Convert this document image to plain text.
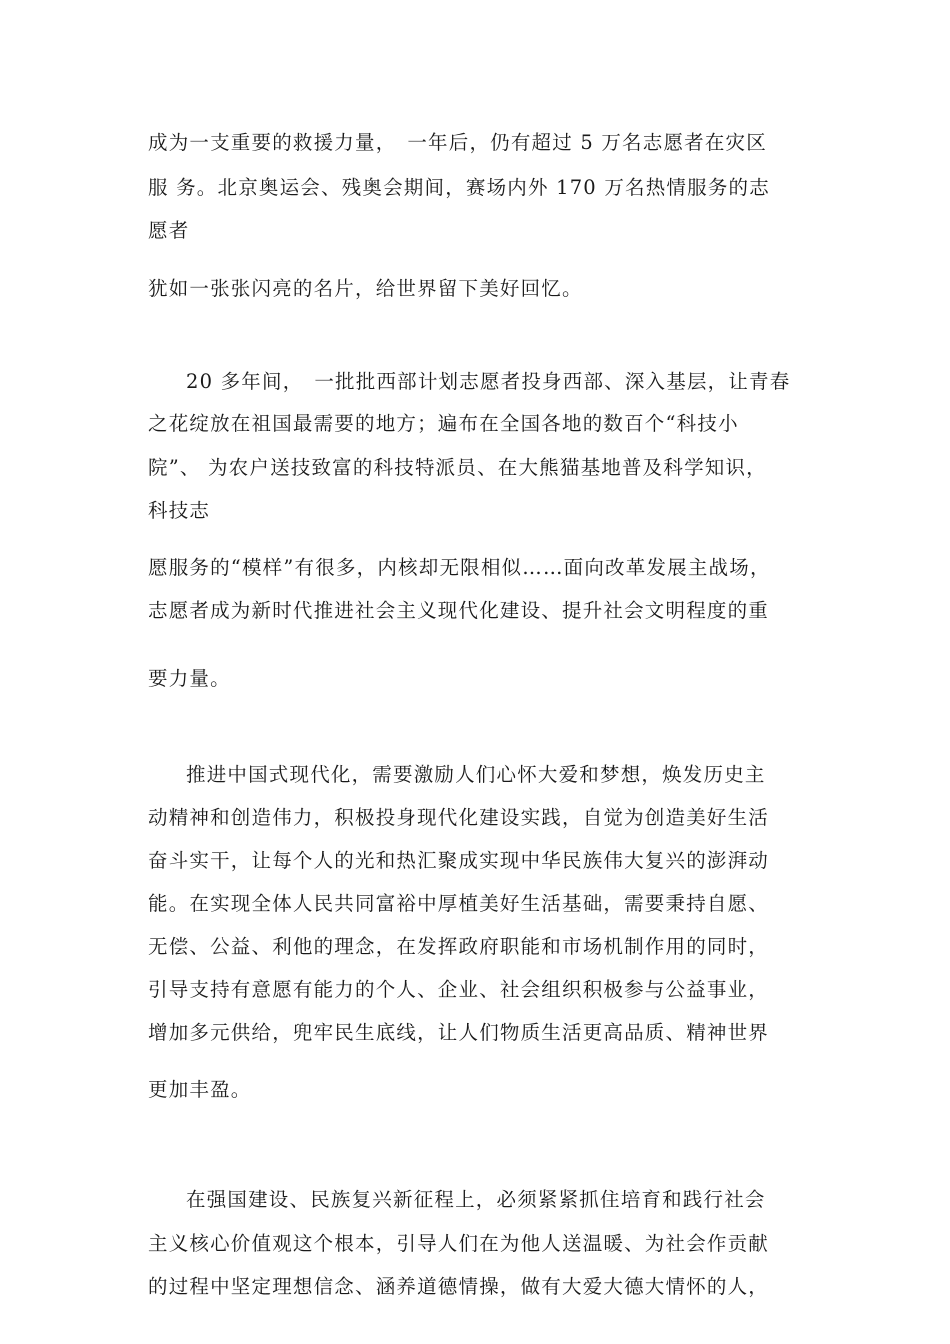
成为一支重要的救援力量，　一年后，仍有超过 5 万名志愿者在灾区
服 务。北京奥运会、残奥会期间，赛场内外 170 万名热情服务的志
愿者
犹如一张张闪亮的名片，给世界留下美好回忆。
20 多年间，　一批批西部计划志愿者投身西部、深入基层，让青春
之花绽放在祖国最需要的地方；遍布在全国各地的数百个“科技小
院”、 为农户送技致富的科技特派员、在大熊猫基地普及科学知识，
科技志
愿服务的“模样”有很多，内核却无限相似……面向改革发展主战场，
志愿者成为新时代推进社会主义现代化建设、提升社会文明程度的重
要力量。
推进中国式现代化，需要激励人们心怀大爱和梦想，焕发历史主
动精神和创造伟力，积极投身现代化建设实践，自觉为创造美好生活
奋斗实干，让每个人的光和热汇聚成实现中华民族伟大复兴的澎湃动
能。在实现全体人民共同富裕中厚植美好生活基础，需要秉持自愿、
无偿、公益、利他的理念，在发挥政府职能和市场机制作用的同时，
引导支持有意愿有能力的个人、企业、社会组织积极参与公益事业，
增加多元供给，兜牢民生底线，让人们物质生活更高品质、精神世界
更加丰盈。
在强国建设、民族复兴新征程上，必须紧紧抓住培育和践行社会
主义核心价值观这个根本，引导人们在为他人送温暖、为社会作贡献
的过程中坚定理想信念、涵养道德情操，做有大爱大德大情怀的人，
